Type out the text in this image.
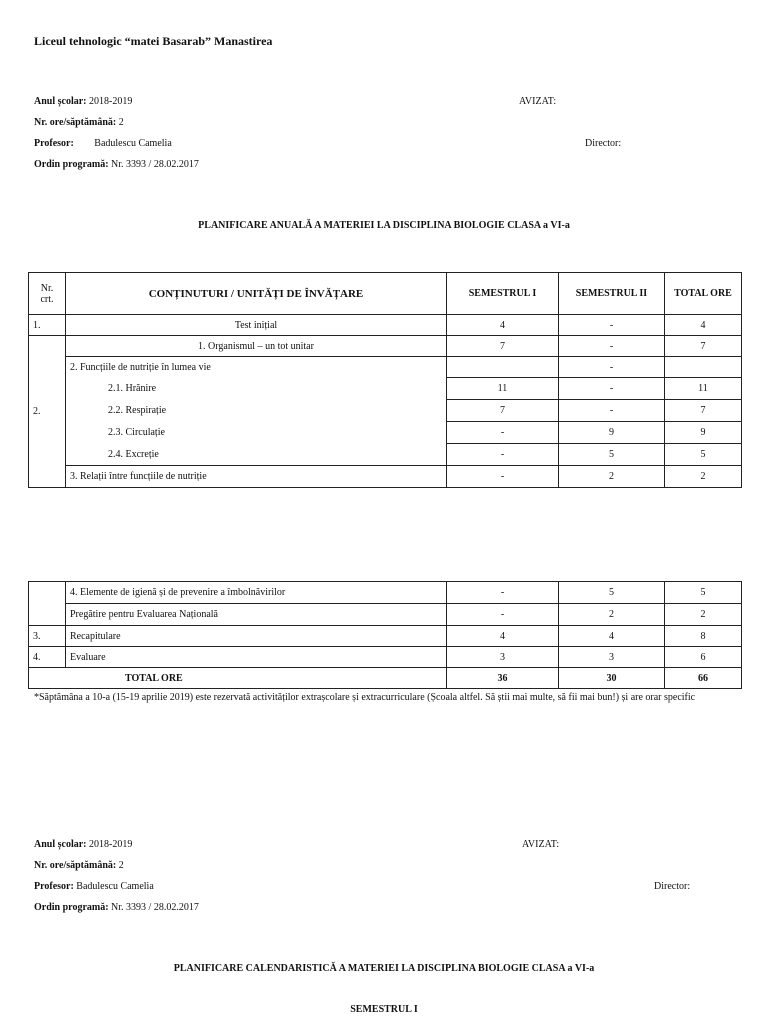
Liceul tehnologic “matei Basarab” Manastirea
Anul școlar: 2018-2019	AVIZAT:
Nr. ore/săptămână: 2
Profesor: Badulescu Camelia	Director:
Ordin programă: Nr. 3393 / 28.02.2017
PLANIFICARE ANUALĂ A MATERIEI LA DISCIPLINA BIOLOGIE CLASA a VI-a
Nr. crt.	CONȚINUTURI / UNITĂȚI DE ÎNVĂȚARE	SEMESTRUL I	SEMESTRUL II	TOTAL ORE
1.	Test inițial	4	-	4
2.	1. Organismul – un tot unitar	7	-	7
	2. Funcțiile de nutriție în lumea vie		-	
	2.1. Hrănire	11	-	11
	2.2. Respirație	7	-	7
	2.3. Circulație	-	9	9
	2.4. Excreție	-	5	5
	3. Relații între funcțiile de nutriție	-	2	2
	4. Elemente de igienă și de prevenire a îmbolnăvirilor	-	5	5
	Pregătire pentru Evaluarea Națională	-	2	2
3.	Recapitulare	4	4	8
4.	Evaluare	3	3	6
TOTAL ORE		36	30	66
*Săptămâna a 10-a (15-19 aprilie 2019) este rezervată activităților extrașcolare și extracurriculare (Școala altfel. Să știi mai multe, să fii mai bun!) și are orar specific
Anul școlar: 2018-2019	AVIZAT:
Nr. ore/săptămână: 2
Profesor: Badulescu Camelia	Director:
Ordin programă: Nr. 3393 / 28.02.2017
PLANIFICARE CALENDARISTICĂ A MATERIEI LA DISCIPLINA BIOLOGIE CLASA a VI-a
SEMESTRUL I
